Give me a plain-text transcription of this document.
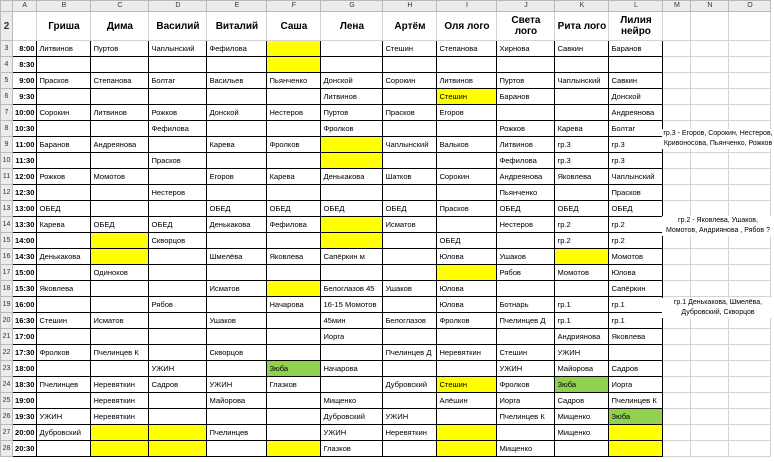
	A	B	C	D	E	F	G	H	I	J	K	L	M	N	O
2		Гриша	Дима	Василий	Виталий	Саша	Лена	Артём	Оля лого	Света лого	Рита лого	Лилия нейро			
3	8:00	Литвинов	Пуртов	Чаплынский	Фефилова			Стешин	Степанова	Хирнова	Савкин	Баранов			
4	8:30														
5	9:00	Прасков	Степанова	Болтаг	Васильев	Пьянченко	Донской	Сорокин	Литвинов	Пуртов	Чаплынский	Савкин			
6	9:30						Литвинов		Стешин	Баранов		Донской			
7	10:00	Сорокин	Литвинов	Рожков	Донской	Нестеров	Пуртов	Прасков	Егоров			Андреянова			
8	10:30			Фефилова			Фролков			Рожков	Карева	Болтаг			
9	11:00	Баранов	Андреянова		Карева	Фролков		Чаплынский	Вальков	Литвинов	гр.3	гр.3			
10	11:30			Прасков						Фефилова	гр.3	гр.3			
11	12:00	Рожков	Момотов		Егоров	Карева	Денькакова	Шатков	Сорокин	Андреянова	Яковлева	Чаплынский			
12	12:30			Нестеров						Пьянченко		Прасков			
13	13:00	ОБЕД			ОБЕД	ОБЕД	ОБЕД	ОБЕД	Прасков	ОБЕД	ОБЕД	ОБЕД			
14	13:30	Карева	ОБЕД	ОБЕД	Денькакова	Фефилова		Исматов		Нестеров	гр.2	гр.2			
15	14:00			Скворцов					ОБЕД		гр.2	гр.2			
16	14:30	Денькакова			Шмелёва	Яковлева	Сапёркин м		Юлова	Ушаков		Момотов			
17	15:00		Одиноков							Рябов	Момотов	Юлова			
18	15:30	Яковлева			Исматов		Белоглазов 45	Ушаков	Юлова			Сапёркин			
19	16:00			Рябов		Начарова	16-15 Момотов		Юлова	Ботнарь	гр.1	гр.1			
20	16:30	Стешин	Исматов		Ушаков		45мин	Белоглазов	Фролков	Пчелинцев Д	гр.1	гр.1			
21	17:00						Иорга				Андриянова	Яковлева			
22	17:30	Фролков	Пчелинцев К		Скворцов			Пчелинцев Д	Неревяткин	Стешин	УЖИН				
23	18:00			УЖИН		Зюба	Начарова			УЖИН	Майорова	Садров			
24	18:30	Пчелинцев	Неревяткин	Садров	УЖИН	Глазков		Дубровский	Стешин	Фролков	Зюба	Иорга			
25	19:00		Неревяткин		Майорова		Мищенко		Алёшин	Иорга	Садров	Пчелинцев К			
26	19:30	УЖИН	Неревяткин				Дубровский	УЖИН		Пчелинцев К	Мищенко	Зюба			
27	20:00	Дубровский			Пчелинцев		УЖИН	Неревяткин			Мищенко				
28	20:30						Глазков			Мищенко					
гр.3 - Егоров, Сорокин, Нестеров, Кривоносова, Пьянченко, Рожков
гр.2 - Яковлева, Ушаков, Момотов, Андриянова , Рябов ?
гр.1 Денькакова, Шмелёва, Дубровский, Скворцов
